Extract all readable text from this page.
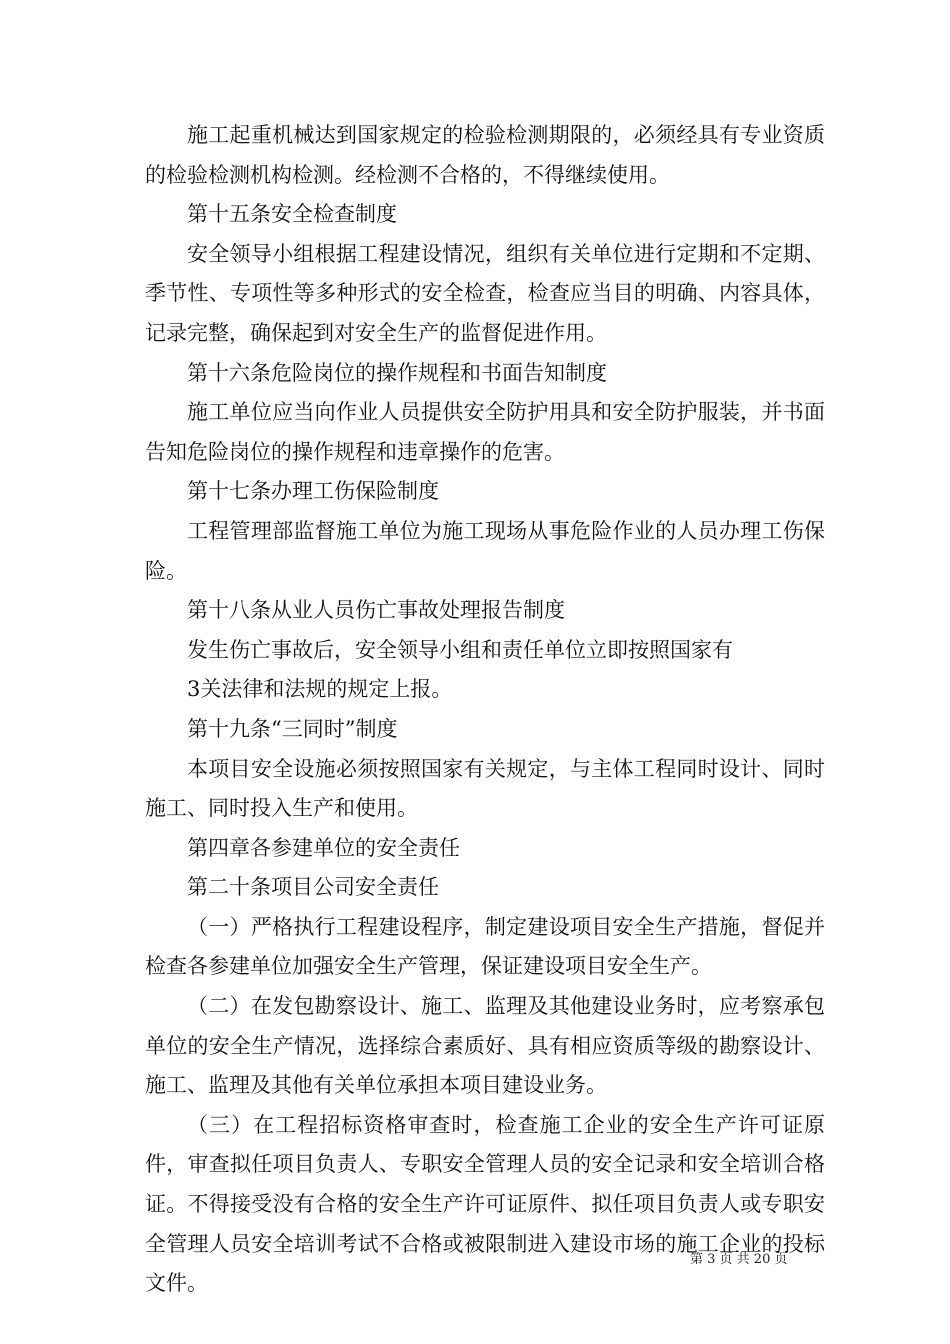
施工起重机械达到国家规定的检验检测期限的，必须经具有专业资质的检验检测机构检测。经检测不合格的，不得继续使用。

第十五条安全检查制度

安全领导小组根据工程建设情况，组织有关单位进行定期和不定期、季节性、专项性等多种形式的安全检查，检查应当目的明确、内容具体，记录完整，确保起到对安全生产的监督促进作用。

第十六条危险岗位的操作规程和书面告知制度

施工单位应当向作业人员提供安全防护用具和安全防护服装，并书面告知危险岗位的操作规程和违章操作的危害。

第十七条办理工伤保险制度

工程管理部监督施工单位为施工现场从事危险作业的人员办理工伤保险。

第十八条从业人员伤亡事故处理报告制度

发生伤亡事故后，安全领导小组和责任单位立即按照国家有

3关法律和法规的规定上报。

第十九条“三同时”制度

本项目安全设施必须按照国家有关规定，与主体工程同时设计、同时施工、同时投入生产和使用。

第四章各参建单位的安全责任

第二十条项目公司安全责任

（一）严格执行工程建设程序，制定建设项目安全生产措施，督促并检查各参建单位加强安全生产管理，保证建设项目安全生产。

（二）在发包勘察设计、施工、监理及其他建设业务时，应考察承包单位的安全生产情况，选择综合素质好、具有相应资质等级的勘察设计、施工、监理及其他有关单位承担本项目建设业务。

（三）在工程招标资格审查时，检查施工企业的安全生产许可证原件，审查拟任项目负责人、专职安全管理人员的安全记录和安全培训合格证。不得接受没有合格的安全生产许可证原件、拟任项目负责人或专职安全管理人员安全培训考试不合格或被限制进入建设市场的施工企业的投标文件。

第 3 页 共 20 页
